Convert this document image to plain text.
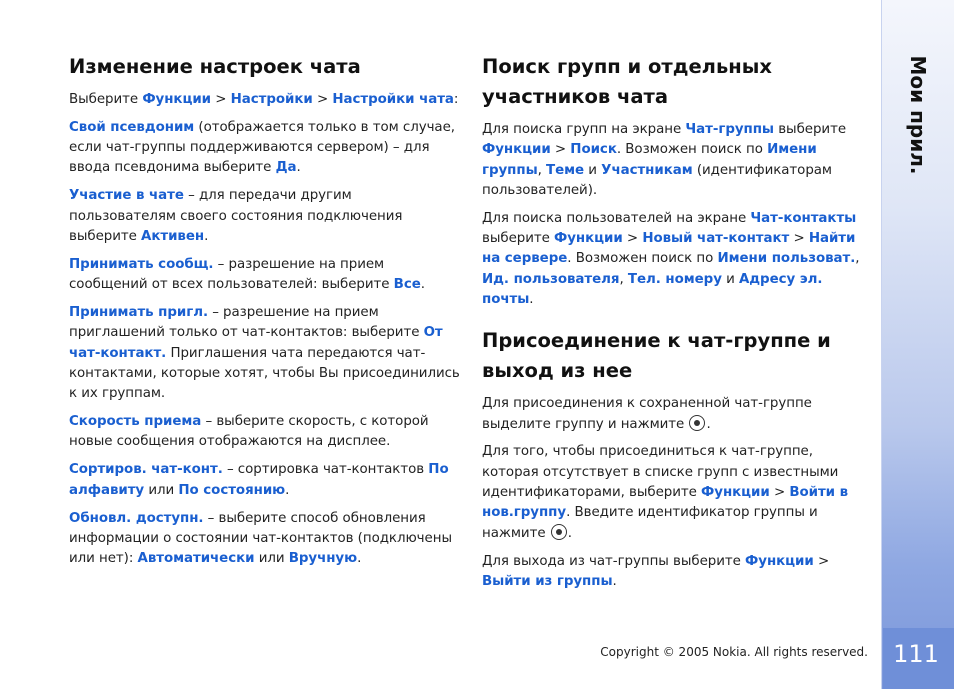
Изменение настроек чата

Выберите Функции > Настройки > Настройки чата:

Свой псевдоним (отображается только в том случае, если чат-группы поддерживаются сервером) – для ввода псевдонима выберите Да.

Участие в чате – для передачи другим пользователям своего состояния подключения выберите Активен.

Принимать сообщ. – разрешение на прием сообщений от всех пользователей: выберите Все.

Принимать пригл. – разрешение на прием приглашений только от чат-контактов: выберите От чат-контакт. Приглашения чата передаются чат-контактами, которые хотят, чтобы Вы присоединились к их группам.

Скорость приема – выберите скорость, с которой новые сообщения отображаются на дисплее.

Сортиров. чат-конт. – сортировка чат-контактов По алфавиту или По состоянию.

Обновл. доступн. – выберите способ обновления информации о состоянии чат-контактов (подключены или нет): Автоматически или Вручную.

Поиск групп и отдельных участников чата

Для поиска групп на экране Чат-группы выберите Функции > Поиск. Возможен поиск по Имени группы, Теме и Участникам (идентификаторам пользователей).

Для поиска пользователей на экране Чат-контакты выберите Функции > Новый чат-контакт > Найти на сервере. Возможен поиск по Имени пользоват., Ид. пользователя, Тел. номеру и Адресу эл. почты.

Присоединение к чат-группе и выход из нее

Для присоединения к сохраненной чат-группе выделите группу и нажмите .

Для того, чтобы присоединиться к чат-группе, которая отсутствует в списке групп с известными идентификаторами, выберите Функции > Войти в нов.группу. Введите идентификатор группы и нажмите .

Для выхода из чат-группы выберите Функции > Выйти из группы.

Мои прил.
111
Copyright © 2005 Nokia. All rights reserved.
